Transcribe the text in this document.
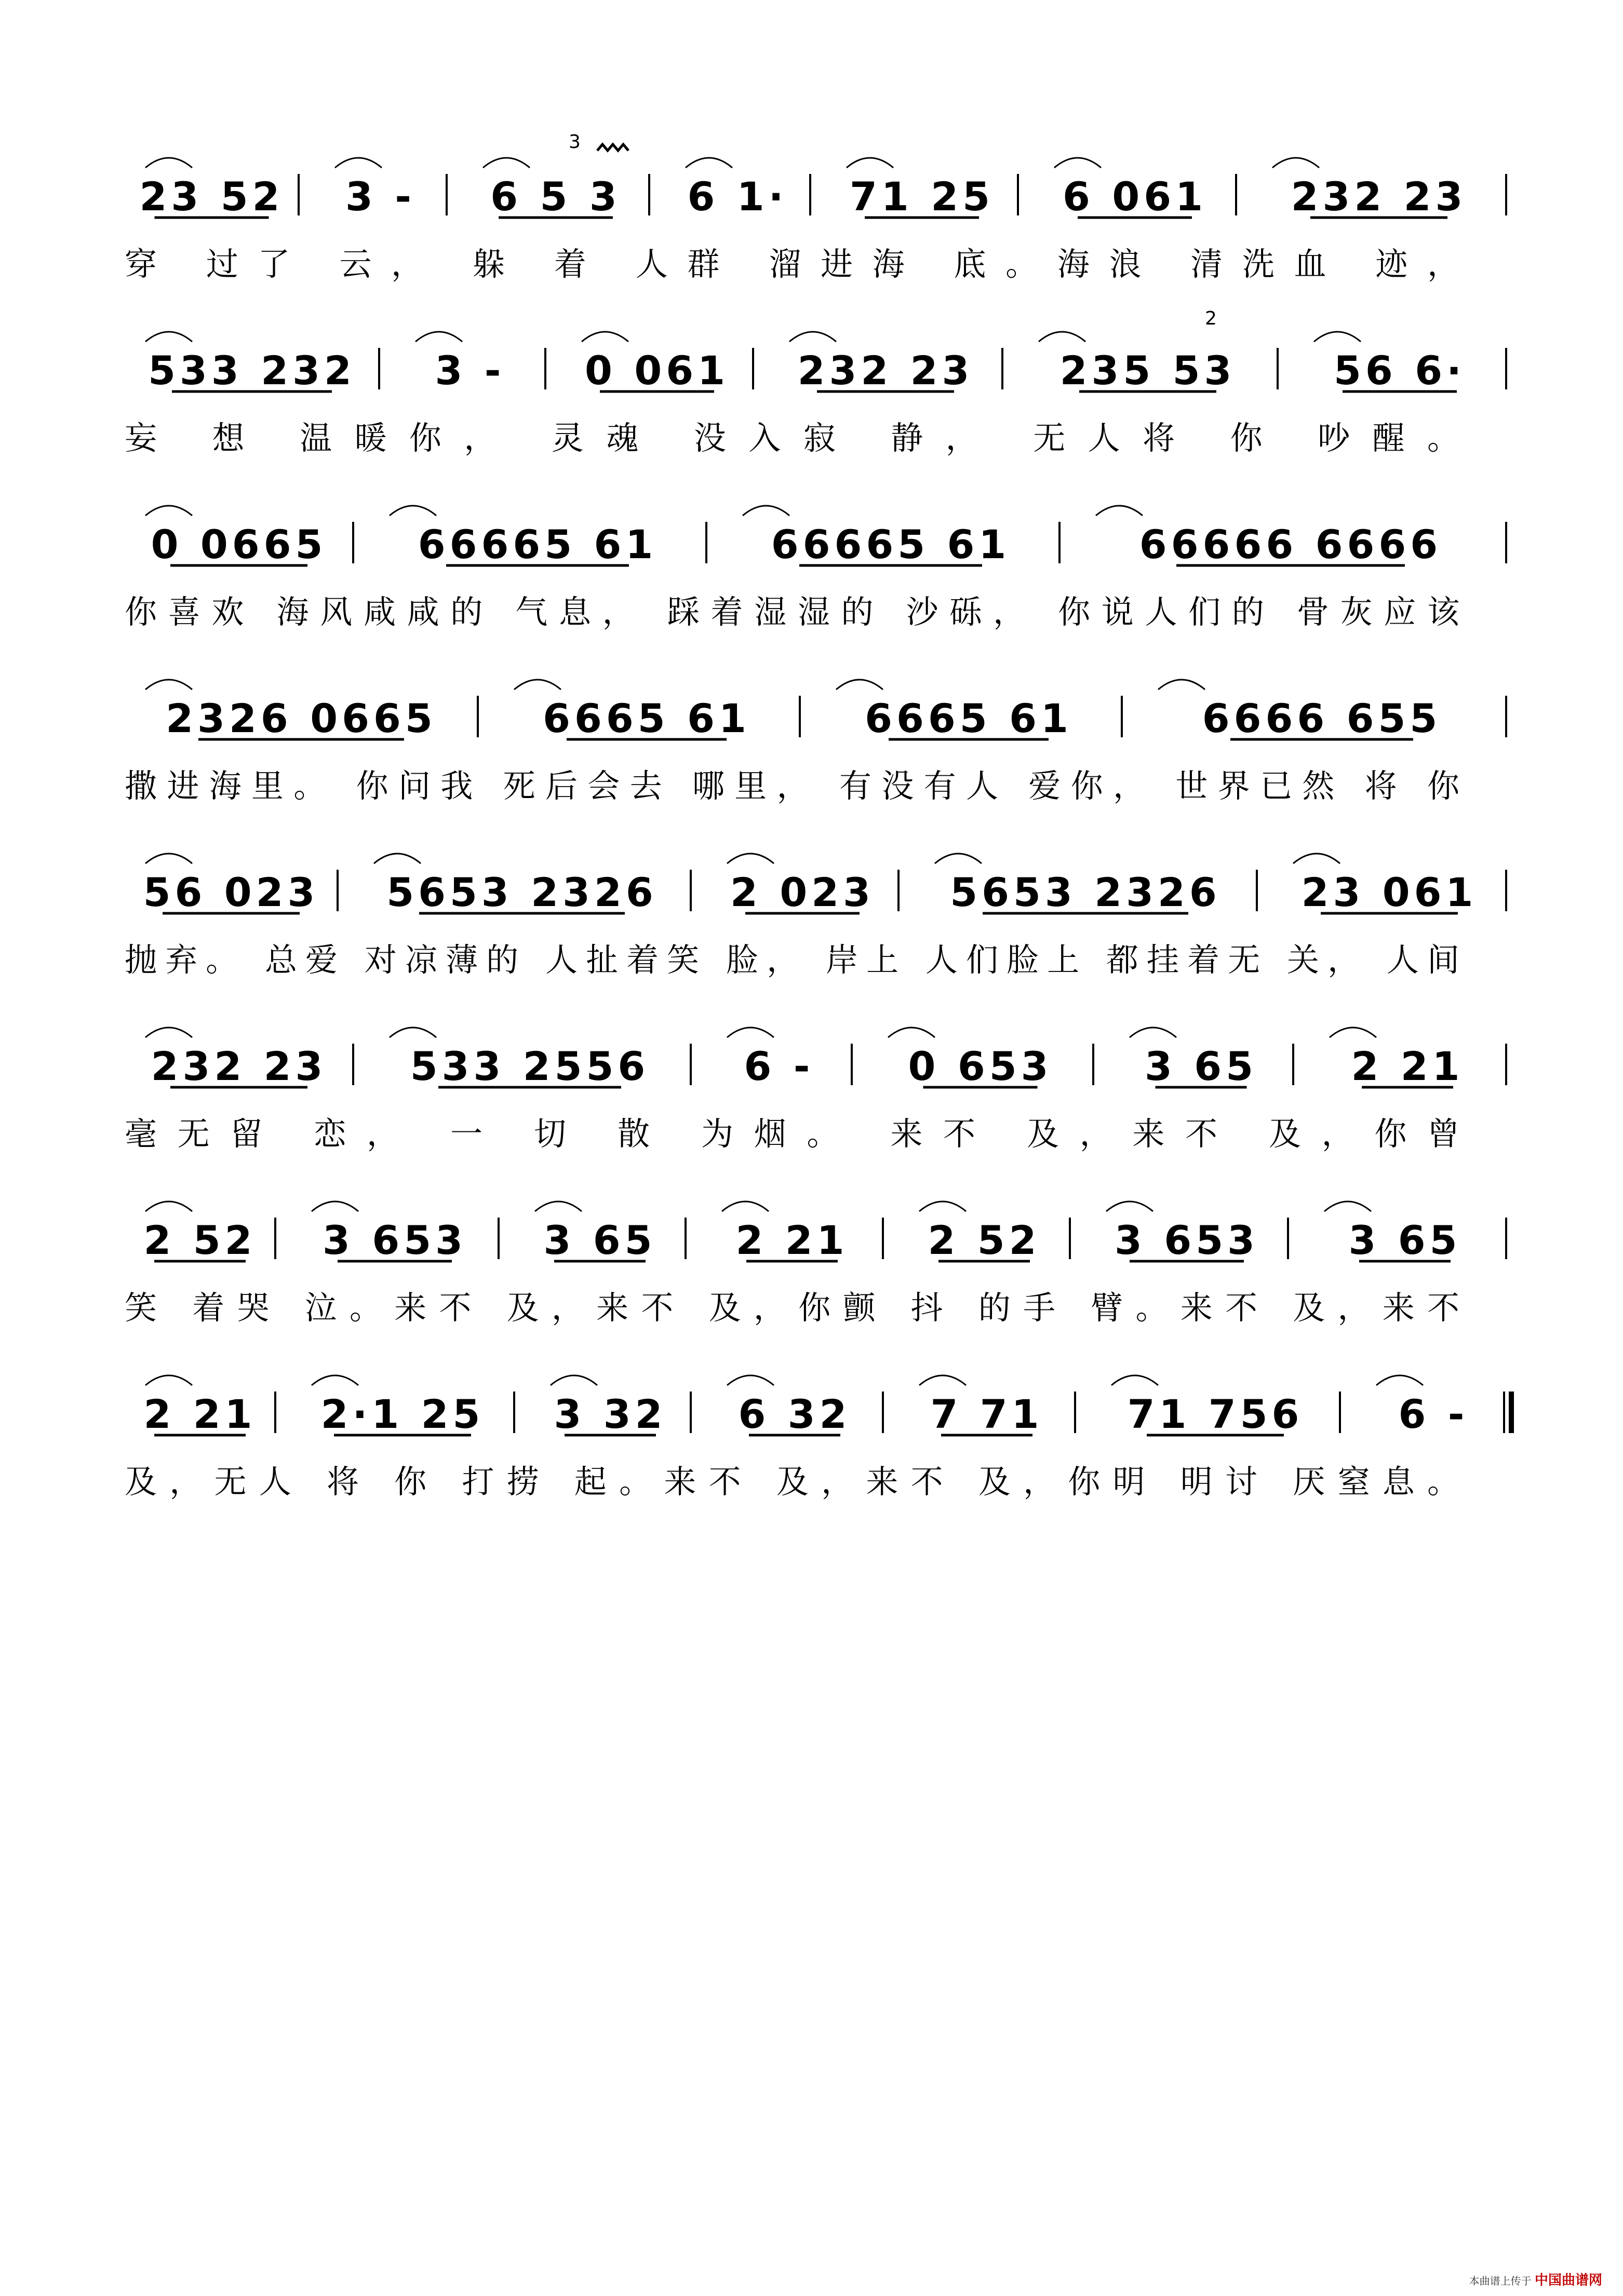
23 52 3 - 6 5 3 6 1· 71 25 6 061 232 23
穿 过了 云， 躲 着 人群 溜进海 底。海浪 清洗血 迹，
533 232 3 - 0 061 232 23 235 53 56 6·
妄 想 温暖你， 灵魂 没入寂 静， 无人将 你 吵醒。
0 0665 66665 61	66665 61	66666 6666
你喜欢 海风咸咸的 气息， 踩着湿湿的 沙砾， 你说人们的 骨灰应该
2326 0665	6665 61	6665 61	6666 655
撒进海里。 你问我 死后会去 哪里， 有没有人 爱你， 世界已然 将 你
56 023 5653 2326 2 023 5653 2326 23 061
抛弃。 总爱 对凉薄的 人扯着笑 脸， 岸上 人们脸上 都挂着无 关， 人间
232 23 533 2556 6 - 0 653 3 65 2 21
毫无留 恋， 一 切 散 为烟。 来不 及，来不 及，你曾
2 52 3 653 3 65 2 21 2 52 3 653 3 65
笑 着哭 泣。来不 及，来不 及，你颤 抖 的手 臂。来不 及，来不
2 21 2·1 25 3 32 6 32 7 71 71 756 6 -
及，无人 将 你 打捞 起。来不 及，来不 及，你明 明讨 厌窒息。
3
2
本曲谱上传于 中国曲谱网
